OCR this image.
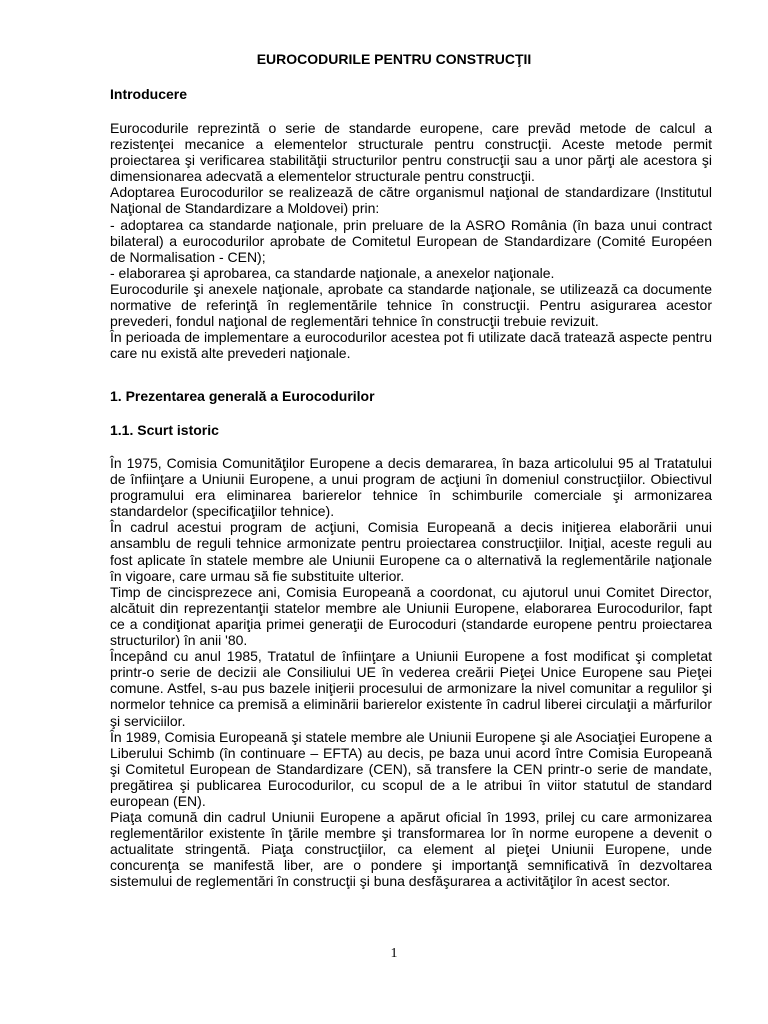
EUROCODURILE PENTRU CONSTRUCŢII
Introducere

Eurocodurile reprezintă o serie de standarde europene, care prevăd metode de calcul a rezistenţei mecanice a elementelor structurale pentru construcţii. Aceste metode permit proiectarea şi verificarea stabilităţii structurilor pentru construcţii sau a unor părţi ale acestora şi dimensionarea adecvată a elementelor structurale pentru construcţii.

Adoptarea Eurocodurilor se realizează de către organismul naţional de standardizare (Institutul Naţional de Standardizare a Moldovei) prin:

- adoptarea ca standarde naţionale, prin preluare de la ASRO România (în baza unui contract bilateral) a eurocodurilor aprobate de Comitetul European de Standardizare (Comité Européen de Normalisation - CEN);

- elaborarea şi aprobarea, ca standarde naţionale, a anexelor naţionale.

Eurocodurile şi anexele naţionale, aprobate ca standarde naţionale, se utilizează ca documente normative de referinţă în reglementările tehnice în construcţii. Pentru asigurarea acestor prevederi, fondul naţional de reglementări tehnice în construcţii trebuie revizuit.

În perioada de implementare a eurocodurilor acestea pot fi utilizate dacă tratează aspecte pentru care nu există alte prevederi naţionale.

1. Prezentarea generală a Eurocodurilor
1.1. Scurt istoric

În 1975, Comisia Comunităţilor Europene a decis demararea, în baza articolului 95 al Tratatului de înfiinţare a Uniunii Europene, a unui program de acţiuni în domeniul construcţiilor. Obiectivul programului era eliminarea barierelor tehnice în schimburile comerciale şi armonizarea standardelor (specificaţiilor tehnice).

În cadrul acestui program de acţiuni, Comisia Europeană a decis iniţierea elaborării unui ansamblu de reguli tehnice armonizate pentru proiectarea construcţiilor. Iniţial, aceste reguli au fost aplicate în statele membre ale Uniunii Europene ca o alternativă la reglementările naţionale în vigoare, care urmau să fie substituite ulterior.

Timp de cincisprezece ani, Comisia Europeană a coordonat, cu ajutorul unui Comitet Director, alcătuit din reprezentanţii statelor membre ale Uniunii Europene, elaborarea Eurocodurilor, fapt ce a condiţionat apariţia primei generaţii de Eurocoduri (standarde europene pentru proiectarea structurilor) în anii '80.

Începând cu anul 1985, Tratatul de înfiinţare a Uniunii Europene a fost modificat şi completat printr-o serie de decizii ale Consiliului UE în vederea creării Pieţei Unice Europene sau Pieţei comune. Astfel, s-au pus bazele iniţierii procesului de armonizare la nivel comunitar a regulilor şi normelor tehnice ca premisă a eliminării barierelor existente în cadrul liberei circulaţii a mărfurilor şi serviciilor.

În 1989, Comisia Europeană şi statele membre ale Uniunii Europene şi ale Asociaţiei Europene a Liberului Schimb (în continuare – EFTA) au decis, pe baza unui acord între Comisia Europeană şi Comitetul European de Standardizare (CEN), să transfere la CEN printr-o serie de mandate, pregătirea şi publicarea Eurocodurilor, cu scopul de a le atribui în viitor statutul de standard european (EN).

Piaţa comună din cadrul Uniunii Europene a apărut oficial în 1993, prilej cu care armonizarea reglementărilor existente în ţările membre şi transformarea lor în norme europene a devenit o actualitate stringentă. Piaţa construcţiilor, ca element al pieţei Uniunii Europene, unde concurenţa se manifestă liber, are o pondere şi importanţă semnificativă în dezvoltarea sistemului de reglementări în construcţii şi buna desfăşurarea a activităţilor în acest sector.

1
